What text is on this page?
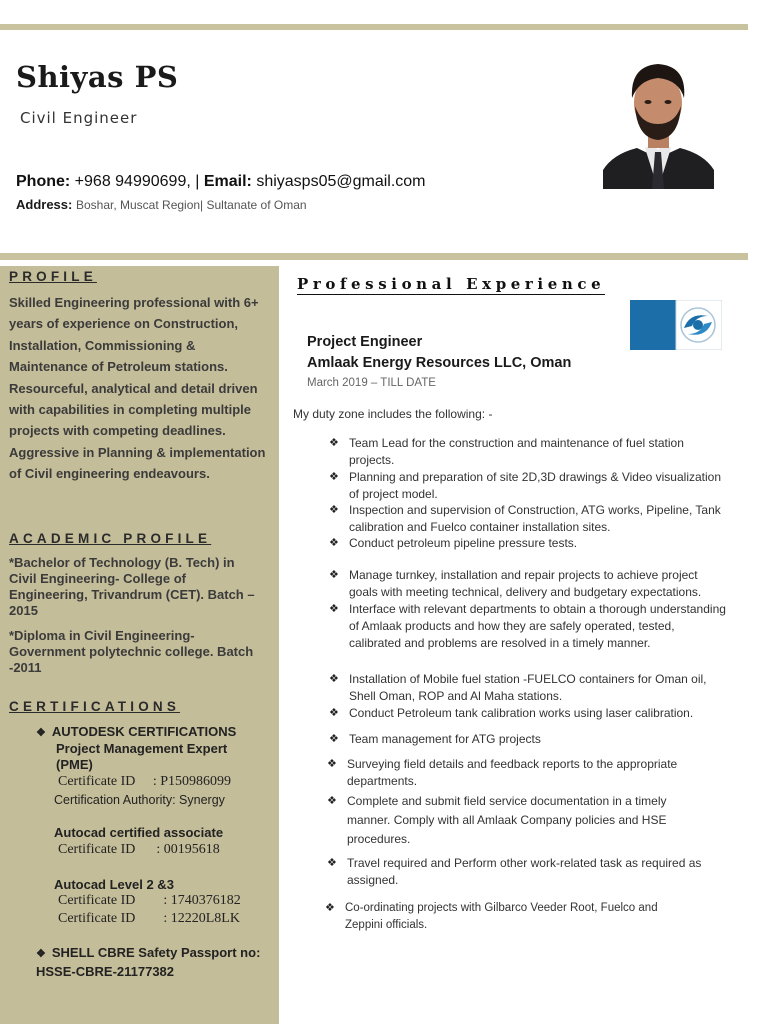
Shiyas PS
Civil Engineer
Phone: +968 94990699, | Email: shiyasps05@gmail.com
Address: Boshar, Muscat Region| Sultanate of Oman
PROFILE
Skilled Engineering professional with 6+ years of experience on Construction, Installation, Commissioning & Maintenance of Petroleum stations. Resourceful, analytical and detail driven with capabilities in completing multiple projects with competing deadlines. Aggressive in Planning & implementation of Civil engineering endeavours.
ACADEMIC PROFILE
*Bachelor of Technology (B. Tech) in Civil Engineering- College of Engineering, Trivandrum (CET). Batch – 2015
*Diploma in Civil Engineering- Government polytechnic college. Batch -2011
CERTIFICATIONS
❖ AUTODESK CERTIFICATIONS
Project Management Expert (PME)
Certificate ID     : P150986099
Certification Authority: Synergy
Autocad certified associate
Certificate ID      : 00195618
Autocad Level 2 &3
Certificate ID        : 1740376182
Certificate ID        : 12220L8LK
❖ SHELL CBRE Safety Passport no: HSSE-CBRE-21177382
Professional Experience
Project Engineer
Amlaak Energy Resources LLC, Oman
March 2019 – TILL DATE
My duty zone includes the following: -
❖ Team Lead for the construction and maintenance of fuel station projects.
❖ Planning and preparation of site 2D,3D drawings & Video visualization of project model.
❖ Inspection and supervision of Construction, ATG works, Pipeline, Tank calibration and Fuelco container installation sites.
❖ Conduct petroleum pipeline pressure tests.
❖ Manage turnkey, installation and repair projects to achieve project goals with meeting technical, delivery and budgetary expectations.
❖ Interface with relevant departments to obtain a thorough understanding of Amlaak products and how they are safely operated, tested, calibrated and problems are resolved in a timely manner.
❖ Installation of Mobile fuel station -FUELCO containers for Oman oil, Shell Oman, ROP and Al Maha stations.
❖ Conduct Petroleum tank calibration works using laser calibration.
❖ Team management for ATG projects
❖ Surveying field details and feedback reports to the appropriate departments.
❖ Complete and submit field service documentation in a timely manner. Comply with all Amlaak Company policies and HSE procedures.
❖ Travel required and Perform other work-related task as required as assigned.
❖ Co-ordinating projects with Gilbarco Veeder Root, Fuelco and Zeppini officials.
